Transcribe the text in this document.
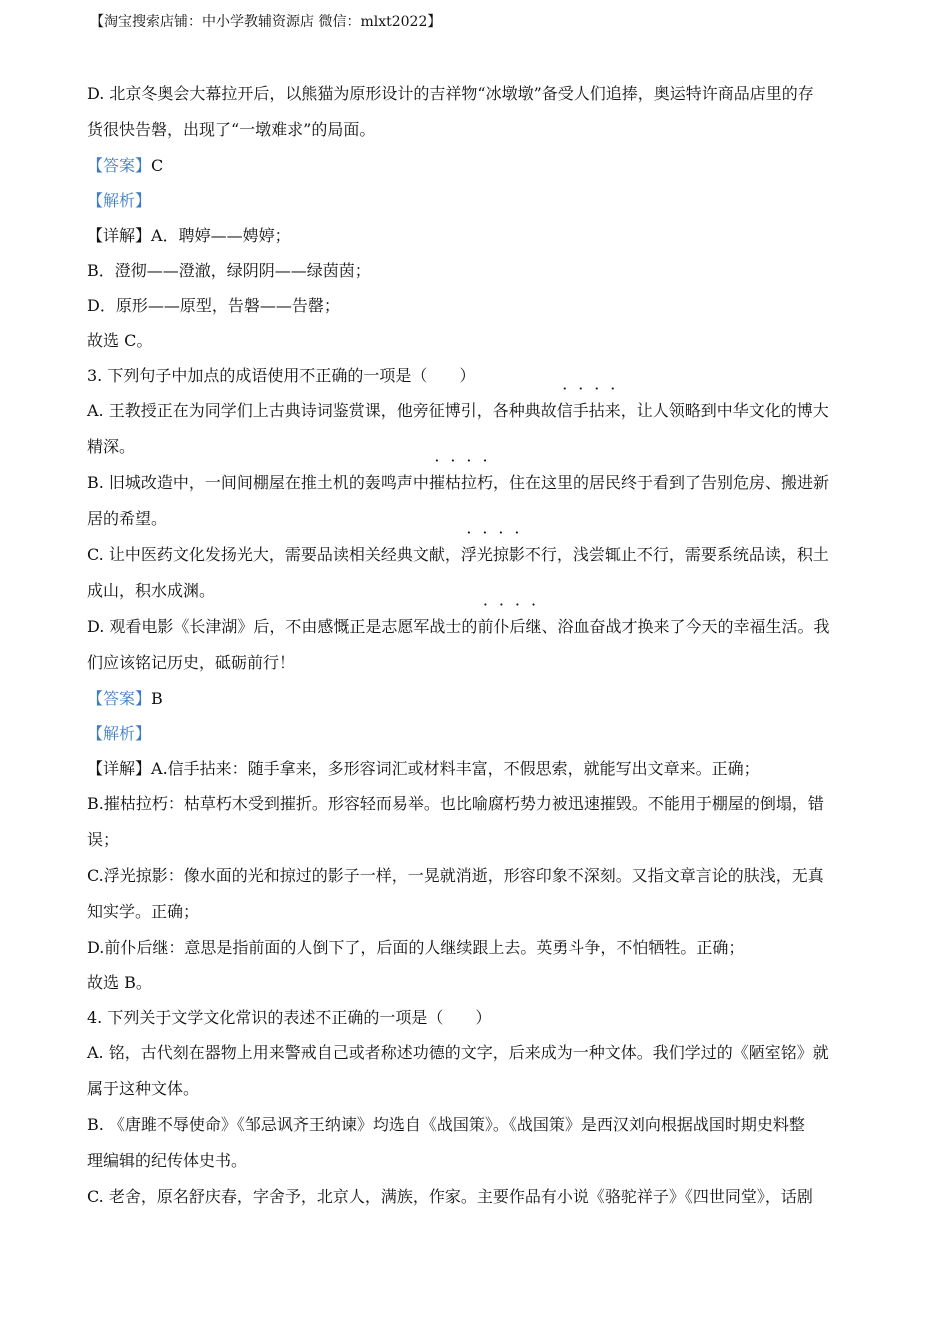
【淘宝搜索店铺：中小学教辅资源店 微信：mlxt2022】

D. 北京冬奥会大幕拉开后，以熊猫为原形设计的吉祥物“冰墩墩”备受人们追捧，奥运特许商品店里的存

货很快告磐，出现了“一墩难求”的局面。

【答案】C

【解析】

【详解】A．聘婷——娉婷；

B．澄彻——澄澈，绿阴阴——绿茵茵；

D．原形——原型，告磐——告罄；

故选 C。

3. 下列句子中加点的成语使用不正确的一项是（　　）

A. 王教授正在为同学们上古典诗词鉴赏课，他旁征博引，各种典故信手拈来，让人领略到中华文化的博大

精深。

B. 旧城改造中，一间间棚屋在推土机的轰鸣声中摧枯拉朽，住在这里的居民终于看到了告别危房、搬进新

居的希望。

C. 让中医药文化发扬光大，需要品读相关经典文献，浮光掠影不行，浅尝辄止不行，需要系统品读，积土

成山，积水成渊。

D. 观看电影《长津湖》后，不由感慨正是志愿军战士的前仆后继、浴血奋战才换来了今天的幸福生活。我

们应该铭记历史，砥砺前行！

【答案】B

【解析】

【详解】A.信手拈来：随手拿来，多形容词汇或材料丰富，不假思索，就能写出文章来。正确；

B.摧枯拉朽：枯草朽木受到摧折。形容轻而易举。也比喻腐朽势力被迅速摧毁。不能用于棚屋的倒塌，错

误；

C.浮光掠影：像水面的光和掠过的影子一样，一晃就消逝，形容印象不深刻。又指文章言论的肤浅，无真

知实学。正确；

D.前仆后继：意思是指前面的人倒下了，后面的人继续跟上去。英勇斗争，不怕牺牲。正确；

故选 B。

4. 下列关于文学文化常识的表述不正确的一项是（　　）

A. 铭，古代刻在器物上用来警戒自己或者称述功德的文字，后来成为一种文体。我们学过的《陋室铭》就

属于这种文体。

B. 《唐雎不辱使命》《邹忌讽齐王纳谏》均选自《战国策》。《战国策》是西汉刘向根据战国时期史料整

理编辑的纪传体史书。

C. 老舍，原名舒庆春，字舍予，北京人，满族，作家。主要作品有小说《骆驼祥子》《四世同堂》，话剧
